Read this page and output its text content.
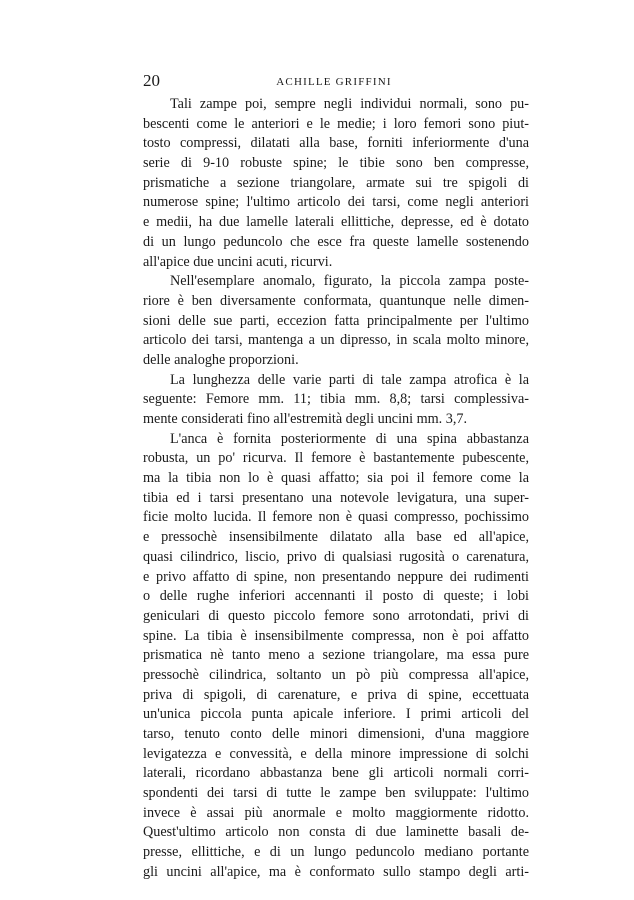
20	ACHILLE GRIFFINI
Tali zampe poi, sempre negli individui normali, sono pu-
bescenti come le anteriori e le medie; i loro femori sono piut-
tosto compressi, dilatati alla base, forniti inferiormente d'una
serie di 9-10 robuste spine; le tibie sono ben compresse,
prismatiche a sezione triangolare, armate sui tre spigoli di
numerose spine; l'ultimo articolo dei tarsi, come negli anteriori
e medii, ha due lamelle laterali ellittiche, depresse, ed è dotato
di un lungo peduncolo che esce fra queste lamelle sostenendo
all'apice due uncini acuti, ricurvi.
Nell'esemplare anomalo, figurato, la piccola zampa poste-
riore è ben diversamente conformata, quantunque nelle dimen-
sioni delle sue parti, eccezion fatta principalmente per l'ultimo
articolo dei tarsi, mantenga a un dipresso, in scala molto minore,
delle analoghe proporzioni.
La lunghezza delle varie parti di tale zampa atrofica è la
seguente: Femore mm. 11; tibia mm. 8,8; tarsi complessiva-
mente considerati fino all'estremità degli uncini mm. 3,7.
L'anca è fornita posteriormente di una spina abbastanza
robusta, un po' ricurva. Il femore è bastantemente pubescente,
ma la tibia non lo è quasi affatto; sia poi il femore come la
tibia ed i tarsi presentano una notevole levigatura, una super-
ficie molto lucida. Il femore non è quasi compresso, pochissimo
e pressochè insensibilmente dilatato alla base ed all'apice,
quasi cilindrico, liscio, privo di qualsiasi rugosità o carenatura,
e privo affatto di spine, non presentando neppure dei rudimenti
o delle rughe inferiori accennanti il posto di queste; i lobi
geniculari di questo piccolo femore sono arrotondati, privi di
spine. La tibia è insensibilmente compressa, non è poi affatto
prismatica nè tanto meno a sezione triangolare, ma essa pure
pressochè cilindrica, soltanto un pò più compressa all'apice,
priva di spigoli, di carenature, e priva di spine, eccettuata
un'unica piccola punta apicale inferiore. I primi articoli del
tarso, tenuto conto delle minori dimensioni, d'una maggiore
levigatezza e convessità, e della minore impressione di solchi
laterali, ricordano abbastanza bene gli articoli normali corri-
spondenti dei tarsi di tutte le zampe ben sviluppate: l'ultimo
invece è assai più anormale e molto maggiormente ridotto.
Quest'ultimo articolo non consta di due laminette basali de-
presse, ellittiche, e di un lungo peduncolo mediano portante
gli uncini all'apice, ma è conformato sullo stampo degli arti-
